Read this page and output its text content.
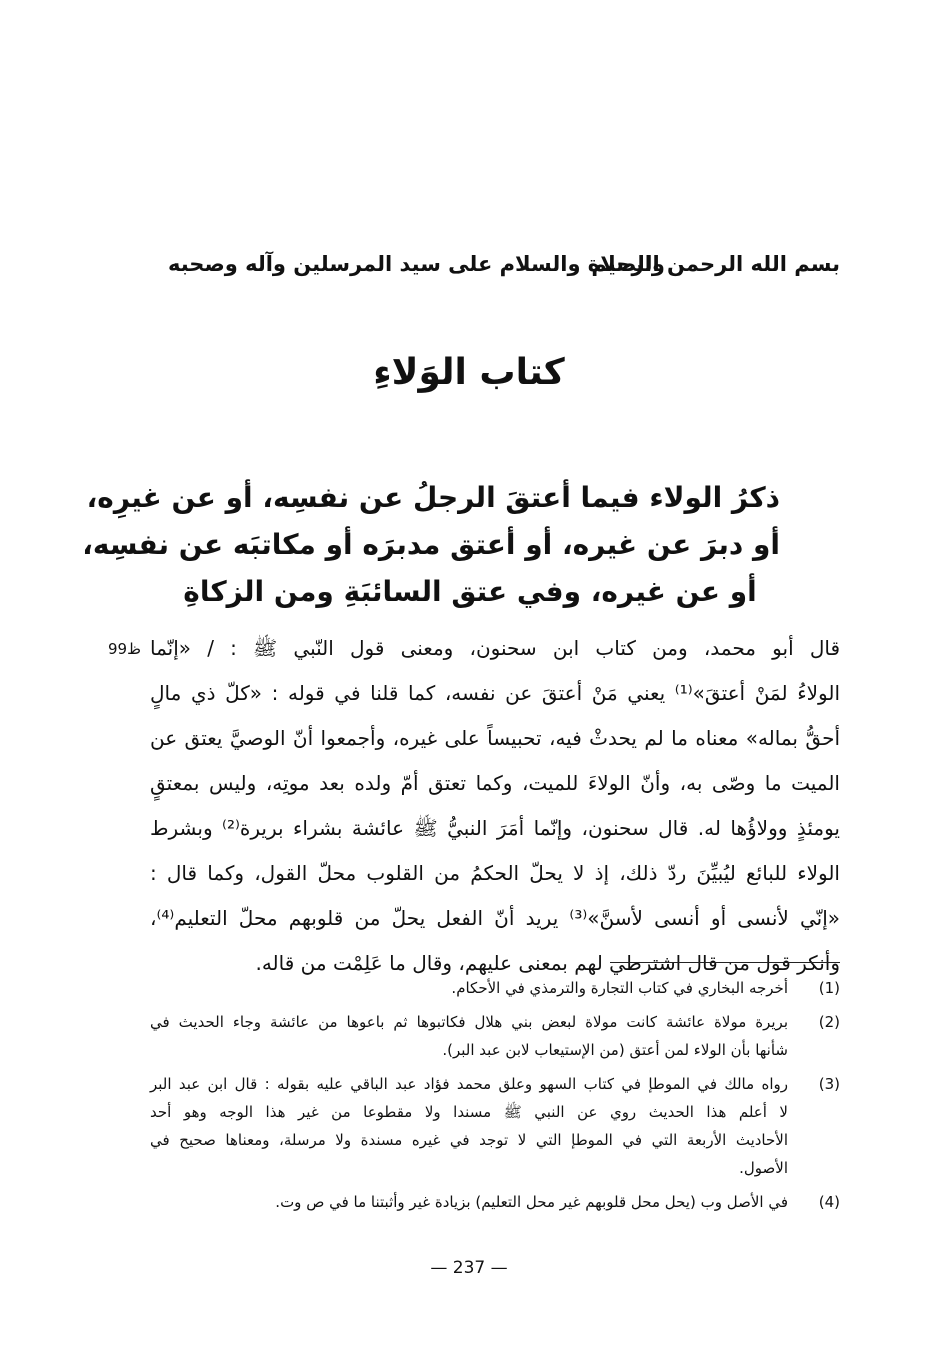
بسم الله الرحمن الرحيم
والصلاة والسلام على سيد المرسلين وآله وصحبه
كتاب الوَلاءِ
ذكرُ الولاء فيما أعتقَ الرجلُ عن نفسِه، أو عن غيرِه،
أو دبرَ عن غيره، أو أعتق مدبرَه أو مكاتبَه عن نفسِه،
أو عن غيره، وفي عتق السائبَةِ ومن الزكاةِ
99ظ قال أبو محمد، ومن كتاب ابن سحنون، ومعنى قول النّبي ﷺ : / «إنّما
الولاءُ لمَنْ أعتقَ»⁽¹⁾ يعني مَنْ أعتقَ عن نفسه، كما قلنا في قوله : «كلّ ذي مالٍ
أحقُّ بماله» معناه ما لم يحدثْ فيه، تحبيساً على غيره، وأجمعوا أنّ الوصيَّ يعتق عن
الميت ما وصّى به، وأنّ الولاءَ للميت، وكما تعتق أمّ ولده بعد موتِه، وليس بمعتقٍ
يومئذٍ وولاؤُها له. قال سحنون، وإنّما أمَرَ النبيُّ ﷺ عائشة بشراء بريرة⁽²⁾ وبشرط
الولاء للبائع ليُبيِّنَ ردّ ذلك، إذ لا يحلّ الحكمُ من القلوب محلّ القول، وكما قال :
«إنّي لأنسى أو أنسى لأسنَّ»⁽³⁾ يريد أنّ الفعل يحلّ من قلوبهم محلّ التعليم⁽⁴⁾،
وأنكر قول من قال اشترطي لهم بمعنى عليهم، وقال ما عَلِمْت من قاله.
(1)
أخرجه البخاري في كتاب التجارة والترمذي في الأحكام.
(2)
بريرة مولاة عائشة كانت مولاة لبعض بني هلال فكاتبوها ثم باعوها من عائشة وجاء الحديث في
شأنها بأن الولاء لمن أعتق (من الإستيعاب لابن عبد البر).
(3)
رواه مالك في الموطإ في كتاب السهو وعلق محمد فؤاد عبد الباقي عليه بقوله : قال ابن عبد البر
لا أعلم هذا الحديث روي عن النبي ﷺ مسندا ولا مقطوعا من غير هذا الوجه وهو أحد
الأحاديث الأربعة التي في الموطإ التي لا توجد في غيره مسندة ولا مرسلة، ومعناها صحيح في
الأصول.
(4)
في الأصل وب (يحل محل قلوبهم غير محل التعليم) بزيادة غير وأثبتنا ما في ص وت.
— 237 —
